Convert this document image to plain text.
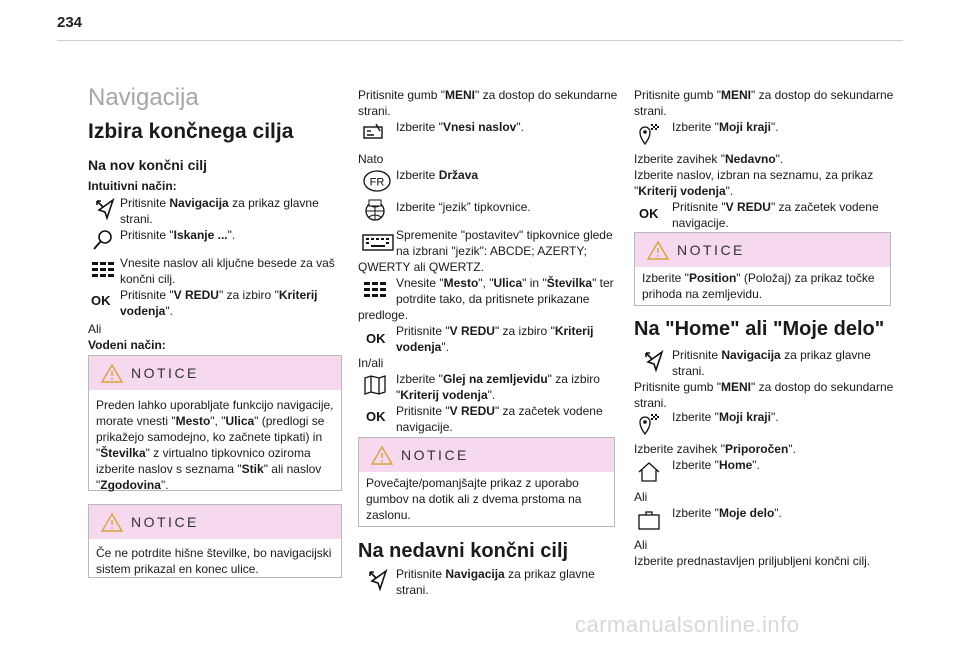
234
Navigacija
Izbira končnega cilja
Na nov končni cilj
Intuitivni način:
Pritisnite Navigacija za prikaz glavne
strani.
Pritisnite "Iskanje ...".
Vnesite naslov ali ključne besede za vaš
končni cilj.
OK Pritisnite "V REDU" za izbiro "Kriterij
vodenja".
Ali
Vodeni način:
NOTICE
Preden lahko uporabljate funkcijo navigacije,
morate vnesti "Mesto", "Ulica" (predlogi se
prikažejo samodejno, ko začnete tipkati) in
"Številka" z virtualno tipkovnico oziroma
izberite naslov s seznama "Stik" ali naslov
"Zgodovina".
NOTICE
Če ne potrdite hišne številke, bo navigacijski
sistem prikazal en konec ulice.
Pritisnite gumb "MENI" za dostop do sekundarne
strani.
Izberite "Vnesi naslov".
Nato
FR
Izberite Država
Izberite “jezik” tipkovnice.
Spremenite "postavitev" tipkovnice glede
na izbrani "jezik": ABCDE; AZERTY;
QWERTY ali QWERTZ.
Vnesite "Mesto", "Ulica" in "Številka" ter
potrdite tako, da pritisnete prikazane
predloge.
OK Pritisnite "V REDU" za izbiro "Kriterij
vodenja".
In/ali
Izberite "Glej na zemljevidu" za izbiro
"Kriterij vodenja".
OK Pritisnite "V REDU" za začetek vodene
navigacije.
NOTICE
Povečajte/pomanjšajte prikaz z uporabo
gumbov na dotik ali z dvema prstoma na
zaslonu.
Na nedavni končni cilj
Pritisnite Navigacija za prikaz glavne
strani.
Pritisnite gumb "MENI" za dostop do sekundarne
strani.
Izberite "Moji kraji".
Izberite zavihek "Nedavno".
Izberite naslov, izbran na seznamu, za prikaz
"Kriterij vodenja".
OK Pritisnite "V REDU" za začetek vodene
navigacije.
NOTICE
Izberite "Position" (Položaj) za prikaz točke
prihoda na zemljevidu.
Na "Home" ali "Moje delo"
Pritisnite Navigacija za prikaz glavne
strani.
Pritisnite gumb "MENI" za dostop do sekundarne
strani.
Izberite "Moji kraji".
Izberite zavihek "Priporočen".
Izberite "Home".
Ali
Izberite "Moje delo".
Ali
Izberite prednastavljen priljubljeni končni cilj.
carmanualsonline.info
